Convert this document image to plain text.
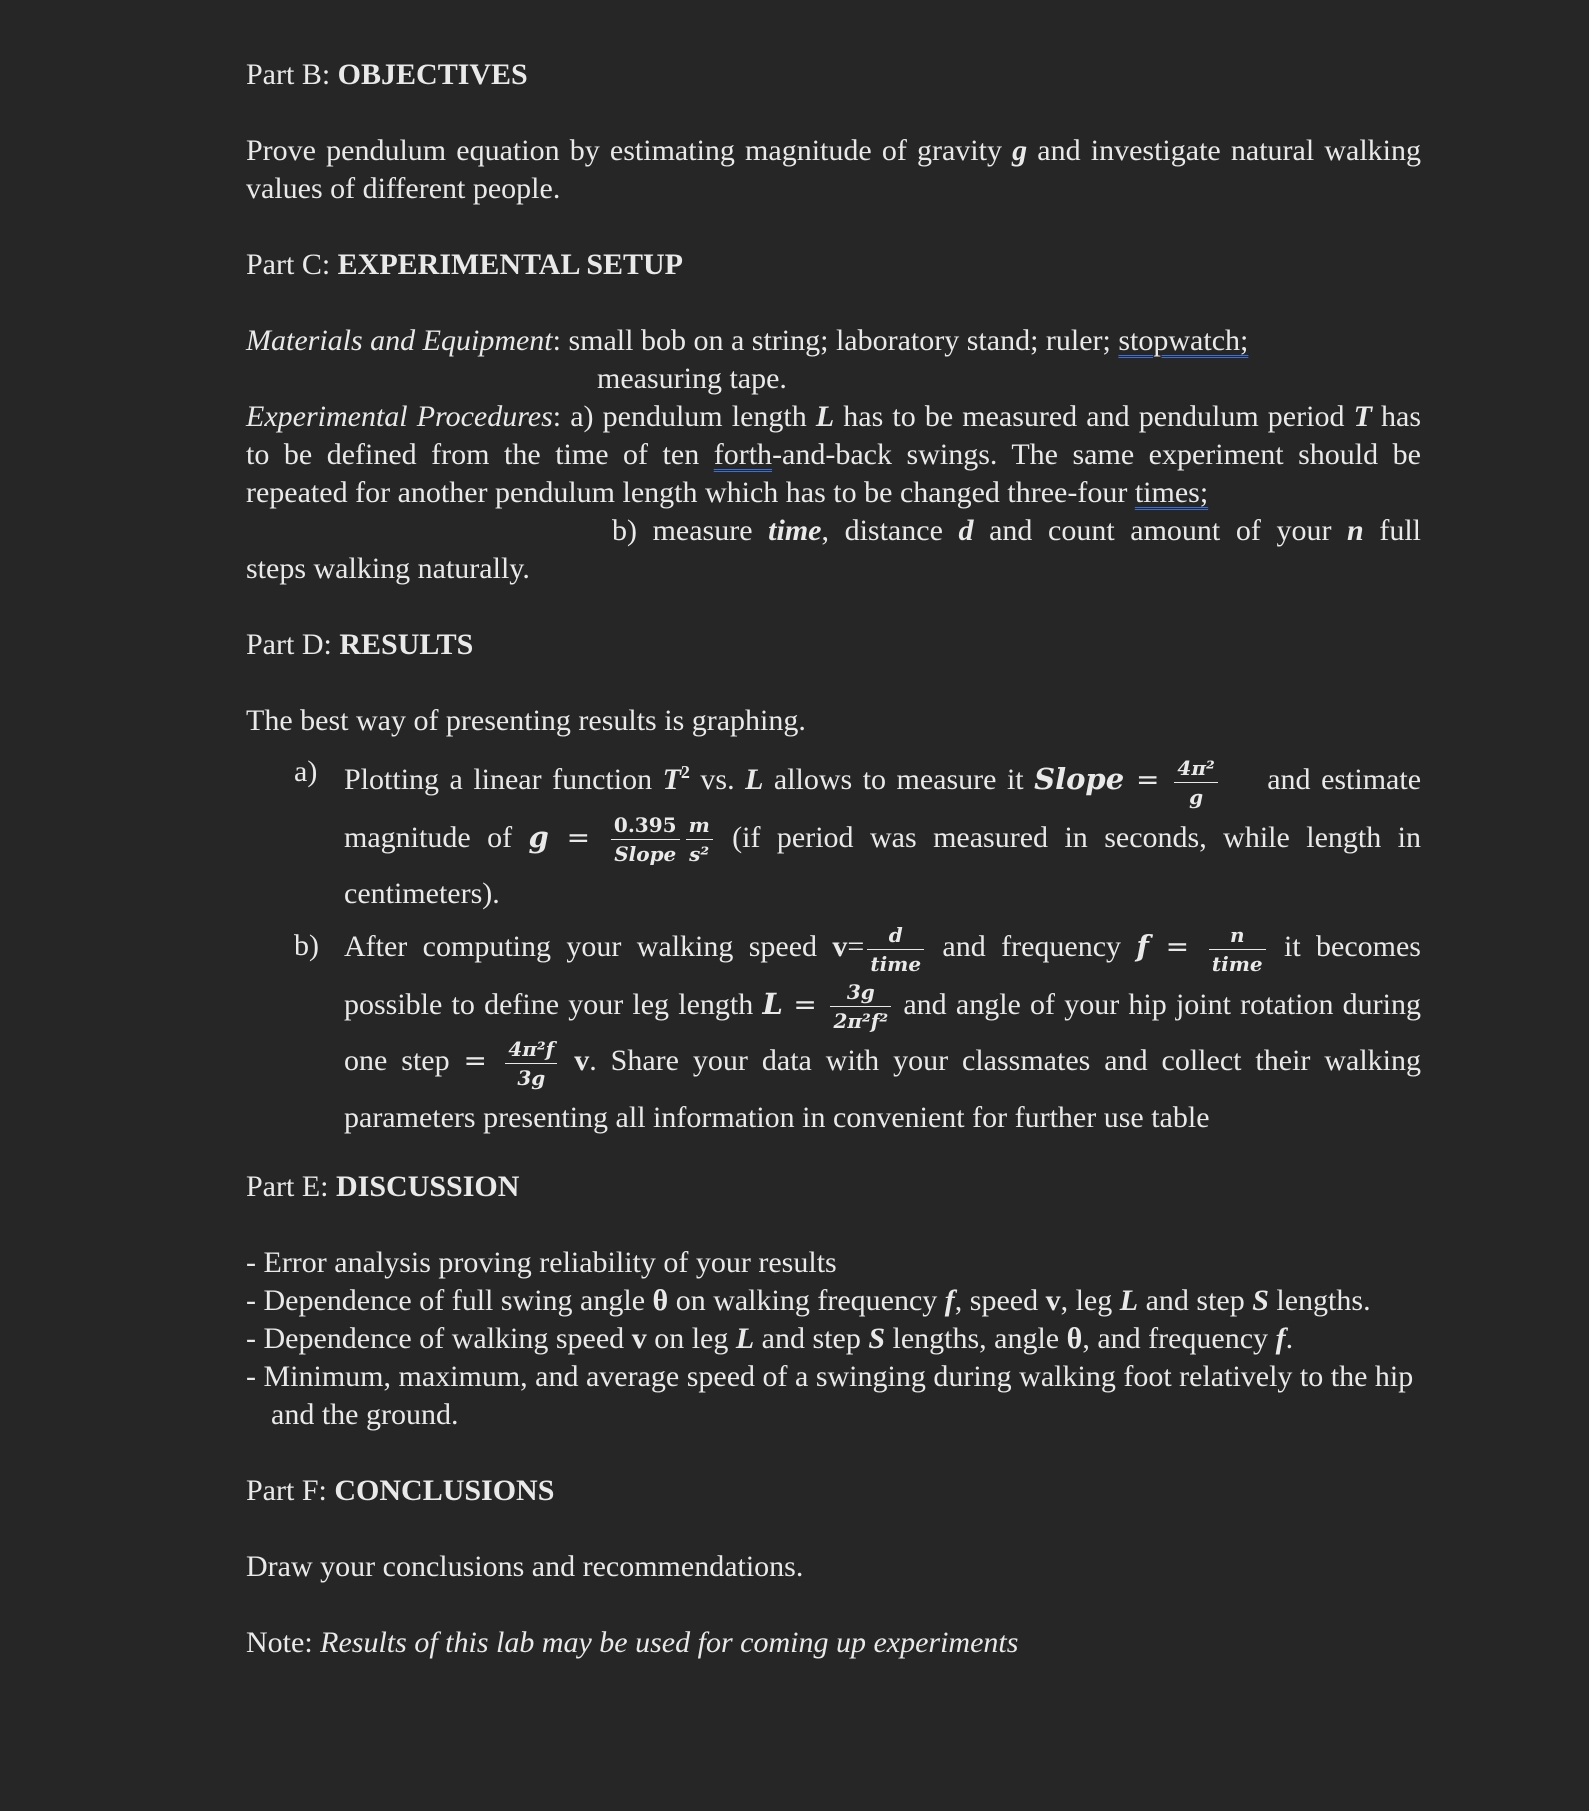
Part B: OBJECTIVES

Prove pendulum equation by estimating magnitude of gravity g and investigate natural walking values of different people.

Part C: EXPERIMENTAL SETUP

Materials and Equipment: small bob on a string; laboratory stand; ruler; stopwatch;

measuring tape.

Experimental Procedures: a) pendulum length L has to be measured and pendulum period T has to be defined from the time of ten forth-and-back swings. The same experiment should be repeated for another pendulum length which has to be changed three-four times;

b) measure time, distance d and count amount of your n full

steps walking naturally.

Part D: RESULTS

The best way of presenting results is graphing.

a) Plotting a linear function $T^2$ vs. L allows to measure it Slope = $\frac{\text{4π²}}{g}$ and estimate magnitude of $g = \frac{0.395}{\text{Slope}} \frac{m}{\text{s²}} (if$ period was measured in seconds, while length in centimeters).
b) After computing your walking speed $v= \frac{d}{\text{time}}$ and frequency $f = \frac{n}{\text{time}}$ it becomes possible to define your leg length $L = \frac{3g}{\text{2π²f²}}$ and angle of your hip joint rotation during one step = $\frac{\text{4π²f}}{3g} v$. Share your data with your classmates and collect their walking parameters presenting all information in convenient for further use table

Part E: DISCUSSION

- Error analysis proving reliability of your results

- Dependence of full swing angle θ on walking frequency f, speed v, leg L and step S lengths.

- Dependence of walking speed v on leg L and step S lengths, angle θ, and frequency f.

- Minimum, maximum, and average speed of a swinging during walking foot relatively to the hip and the ground.

Part F: CONCLUSIONS

Draw your conclusions and recommendations.

Note: Results of this lab may be used for coming up experiments
